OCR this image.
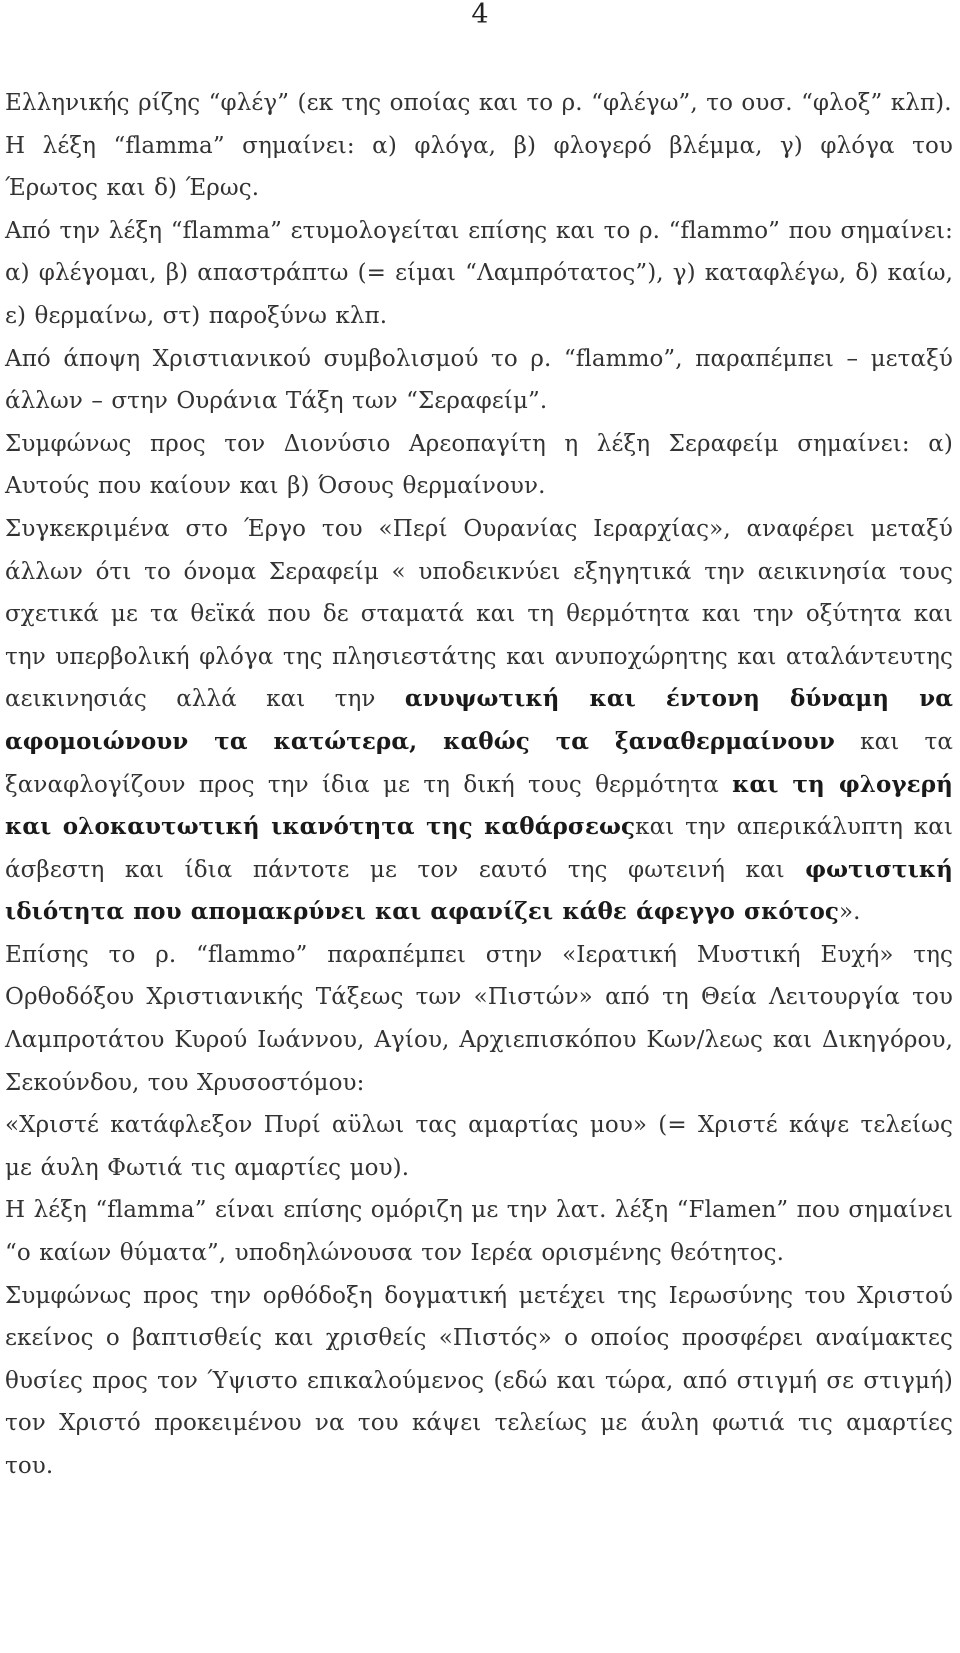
4

Ελληνικής ρίζης “φλέγ” (εκ της οποίας και το ρ. “φλέγω”, το ουσ. “φλοξ” κλπ).

Η λέξη “flamma” σημαίνει: α) φλόγα, β) φλογερό βλέμμα, γ) φλόγα του Έρωτος και δ) Έρως.

Από την λέξη “flamma” ετυμολογείται επίσης και το ρ. “flammo” που σημαίνει: α) φλέγομαι, β) απαστράπτω (= είμαι “Λαμπρότατος”), γ) καταφλέγω, δ) καίω, ε) θερμαίνω, στ) παροξύνω κλπ.

Από άποψη Χριστιανικού συμβολισμού το ρ. “flammo”, παραπέμπει – μεταξύ άλλων – στην Ουράνια Τάξη των “Σεραφείμ”.

Συμφώνως προς τον Διονύσιο Αρεοπαγίτη η λέξη Σεραφείμ σημαίνει: α) Αυτούς που καίουν και β) Όσους θερμαίνουν.

Συγκεκριμένα στο Έργο του «Περί Ουρανίας Ιεραρχίας», αναφέρει μεταξύ άλλων ότι το όνομα Σεραφείμ « υποδεικνύει εξηγητικά την αεικινησία τους σχετικά με τα θεϊκά που δε σταματά και τη θερμότητα και την οξύτητα και την υπερβολική φλόγα της πλησιεστάτης και ανυποχώρητης και αταλάντευτης αεικινησιάς αλλά και την ανυψωτική και έντονη δύναμη να αφομοιώνουν τα κατώτερα, καθώς τα ξαναθερμαίνουν και τα ξαναφλογίζουν προς την ίδια με τη δική τους θερμότητα και τη φλογερή και ολοκαυτωτική ικανότητα της καθάρσεωςκαι την απερικάλυπτη και άσβεστη και ίδια πάντοτε με τον εαυτό της φωτεινή και φωτιστική ιδιότητα που απομακρύνει και αφανίζει κάθε άφεγγο σκότος».

Επίσης το ρ. “flammo” παραπέμπει στην «Ιερατική Μυστική Ευχή» της Ορθοδόξου Χριστιανικής Τάξεως των «Πιστών» από τη Θεία Λειτουργία του Λαμπροτάτου Κυρού Ιωάννου, Αγίου, Αρχιεπισκόπου Κων/λεως και Δικηγόρου, Σεκούνδου, του Χρυσοστόμου:

«Χριστέ κατάφλεξον Πυρί αϋλωι τας αμαρτίας μου» (= Χριστέ κάψε τελείως με άυλη Φωτιά τις αμαρτίες μου).

Η λέξη “flamma” είναι επίσης ομόριζη με την λατ. λέξη “Flamen” που σημαίνει “ο καίων θύματα”, υποδηλώνουσα τον Ιερέα ορισμένης θεότητος.

Συμφώνως προς την ορθόδοξη δογματική μετέχει της Ιερωσύνης του Χριστού εκείνος ο βαπτισθείς και χρισθείς «Πιστός» ο οποίος προσφέρει αναίμακτες θυσίες προς τον Ύψιστο επικαλούμενος (εδώ και τώρα, από στιγμή σε στιγμή) τον Χριστό προκειμένου να του κάψει τελείως με άυλη φωτιά τις αμαρτίες του.
